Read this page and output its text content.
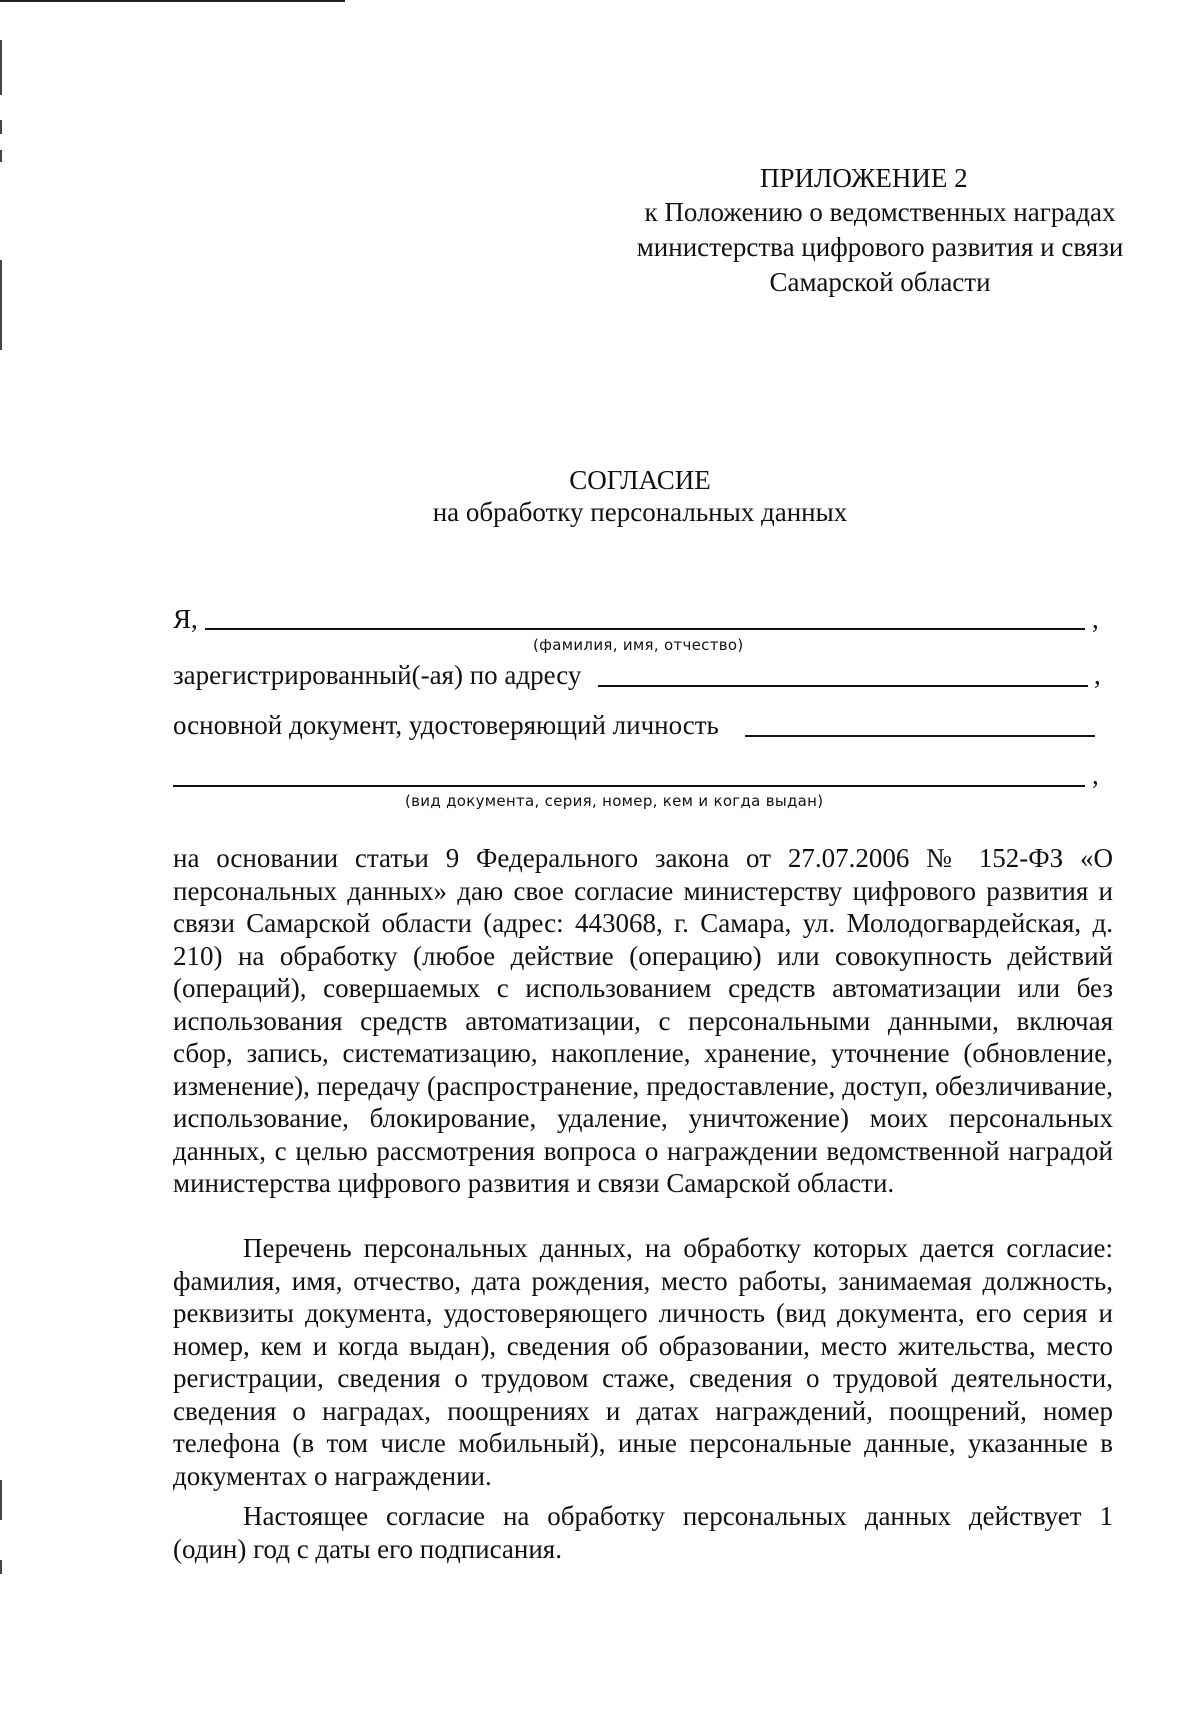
ПРИЛОЖЕНИЕ 2
к Положению о ведомственных наградах
министерства цифрового развития и связи
Самарской области
СОГЛАСИЕ
на обработку персональных данных
Я,	,
(фамилия, имя, отчество)
зарегистрированный(-ая) по адресу	,
основной документ, удостоверяющий личность
,
(вид документа, серия, номер, кем и когда выдан)

на основании статьи 9 Федерального закона от 27.07.2006 № 152-ФЗ «О персональных данных» даю свое согласие министерству цифрового развития и связи Самарской области (адрес: 443068, г. Самара, ул. Молодогвардейская, д. 210) на обработку (любое действие (операцию) или совокупность действий (операций), совершаемых с использованием средств автоматизации или без использования средств автоматизации, с персональными данными, включая сбор, запись, систематизацию, накопление, хранение, уточнение (обновление, изменение), передачу (распространение, предоставление, доступ, обезличивание, использование, блокирование, удаление, уничтожение) моих персональных данных, с целью рассмотрения вопроса о награждении ведомственной наградой министерства цифрового развития и связи Самарской области.

Перечень персональных данных, на обработку которых дается согласие: фамилия, имя, отчество, дата рождения, место работы, занимаемая должность, реквизиты документа, удостоверяющего личность (вид документа, его серия и номер, кем и когда выдан), сведения об образовании, место жительства, место регистрации, сведения о трудовом стаже, сведения о трудовой деятельности, сведения о наградах, поощрениях и датах награждений, поощрений, номер телефона (в том числе мобильный), иные персональные данные, указанные в документах о награждении.

Настоящее согласие на обработку персональных данных действует 1 (один) год с даты его подписания.
